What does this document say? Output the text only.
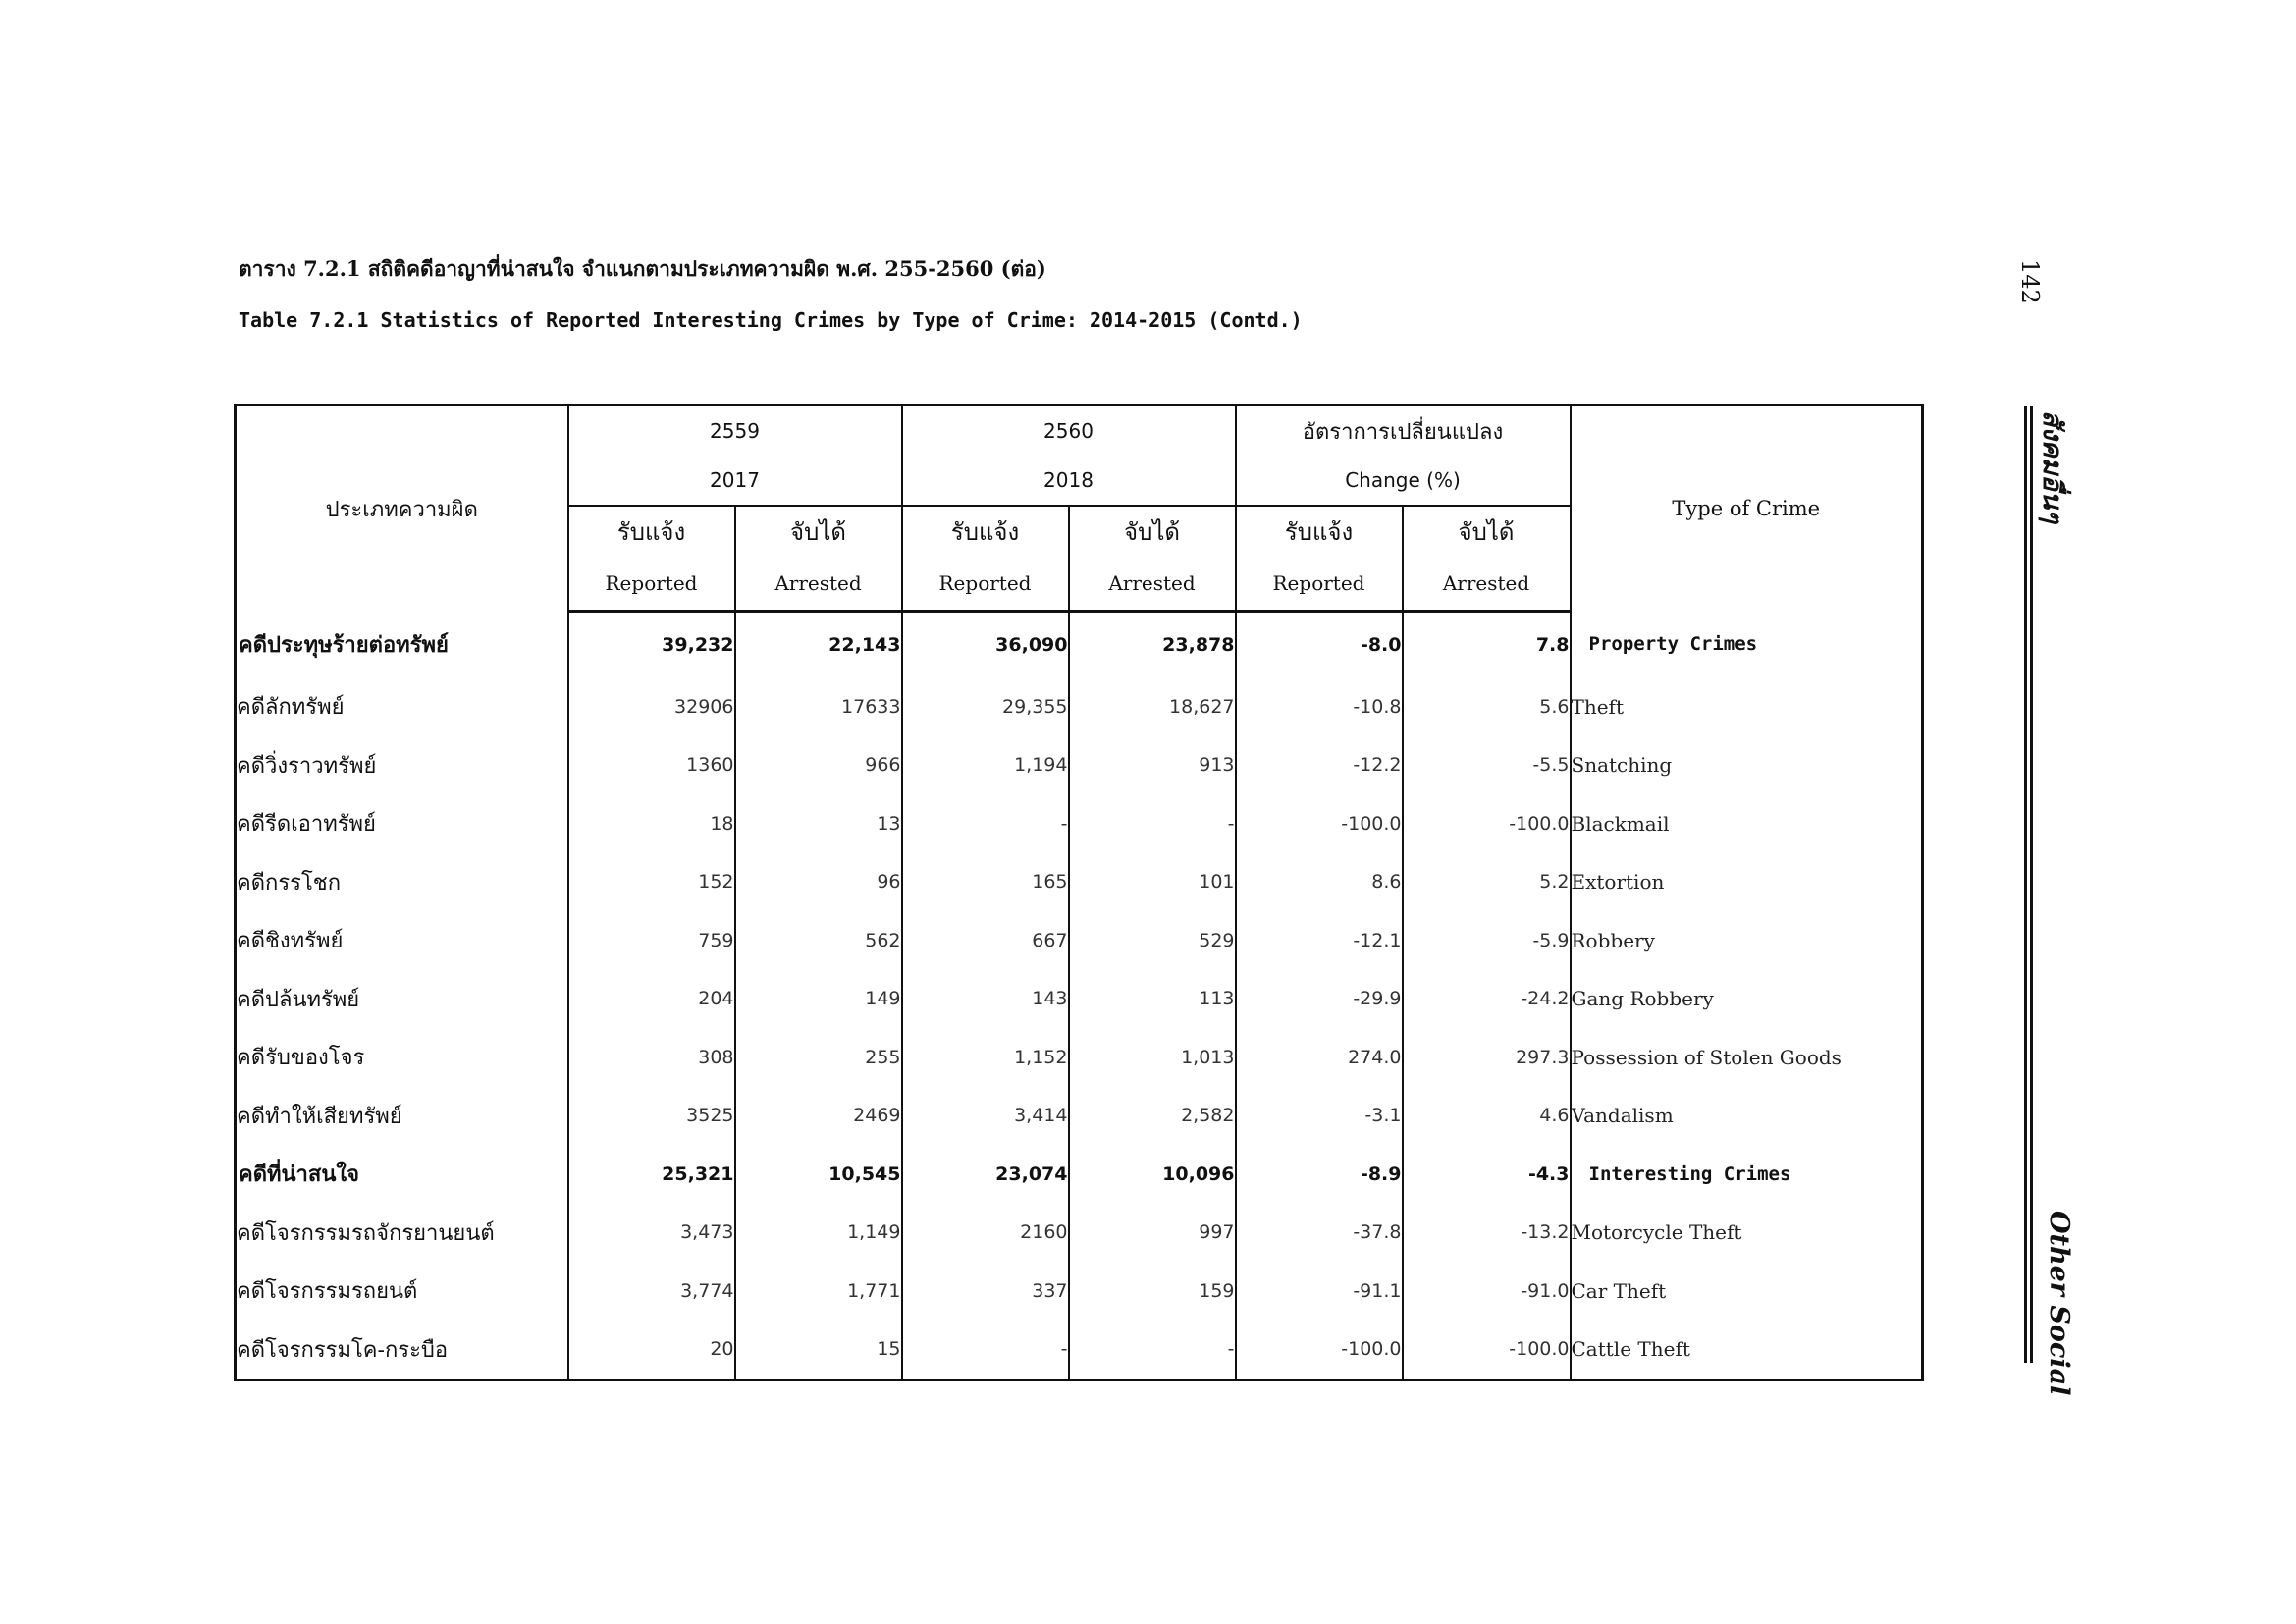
ตาราง 7.2.1 สถิติคดีอาญาที่น่าสนใจ จำแนกตามประเภทความผิด พ.ศ. 255-2560 (ต่อ)
Table 7.2.1 Statistics of Reported Interesting Crimes by Type of Crime: 2014-2015 (Contd.)
142
สังคมอื่นๆ
Other Social
ประเภทความผิด	2559		2560		อัตราการเปลี่ยนแปลง		Type of Crime
	2017		2018		Change (%)		
	รับแจ้ง	จับได้	รับแจ้ง	จับได้	รับแจ้ง	จับได้	
	Reported	Arrested	Reported	Arrested	Reported	Arrested	
คดีประทุษร้ายต่อทรัพย์	39,232	22,143	36,090	23,878	-8.0	7.8	Property Crimes
คดีลักทรัพย์	32906	17633	29,355	18,627	-10.8	5.6	Theft
คดีวิ่งราวทรัพย์	1360	966	1,194	913	-12.2	-5.5	Snatching
คดีรีดเอาทรัพย์	18	13	-	-	-100.0	-100.0	Blackmail
คดีกรรโชก	152	96	165	101	8.6	5.2	Extortion
คดีชิงทรัพย์	759	562	667	529	-12.1	-5.9	Robbery
คดีปล้นทรัพย์	204	149	143	113	-29.9	-24.2	Gang Robbery
คดีรับของโจร	308	255	1,152	1,013	274.0	297.3	Possession of Stolen Goods
คดีทำให้เสียทรัพย์	3525	2469	3,414	2,582	-3.1	4.6	Vandalism
คดีที่น่าสนใจ	25,321	10,545	23,074	10,096	-8.9	-4.3	Interesting Crimes
คดีโจรกรรมรถจักรยานยนต์	3,473	1,149	2160	997	-37.8	-13.2	Motorcycle Theft
คดีโจรกรรมรถยนต์	3,774	1,771	337	159	-91.1	-91.0	Car Theft
คดีโจรกรรมโค-กระบือ	20	15	-	-	-100.0	-100.0	Cattle Theft
